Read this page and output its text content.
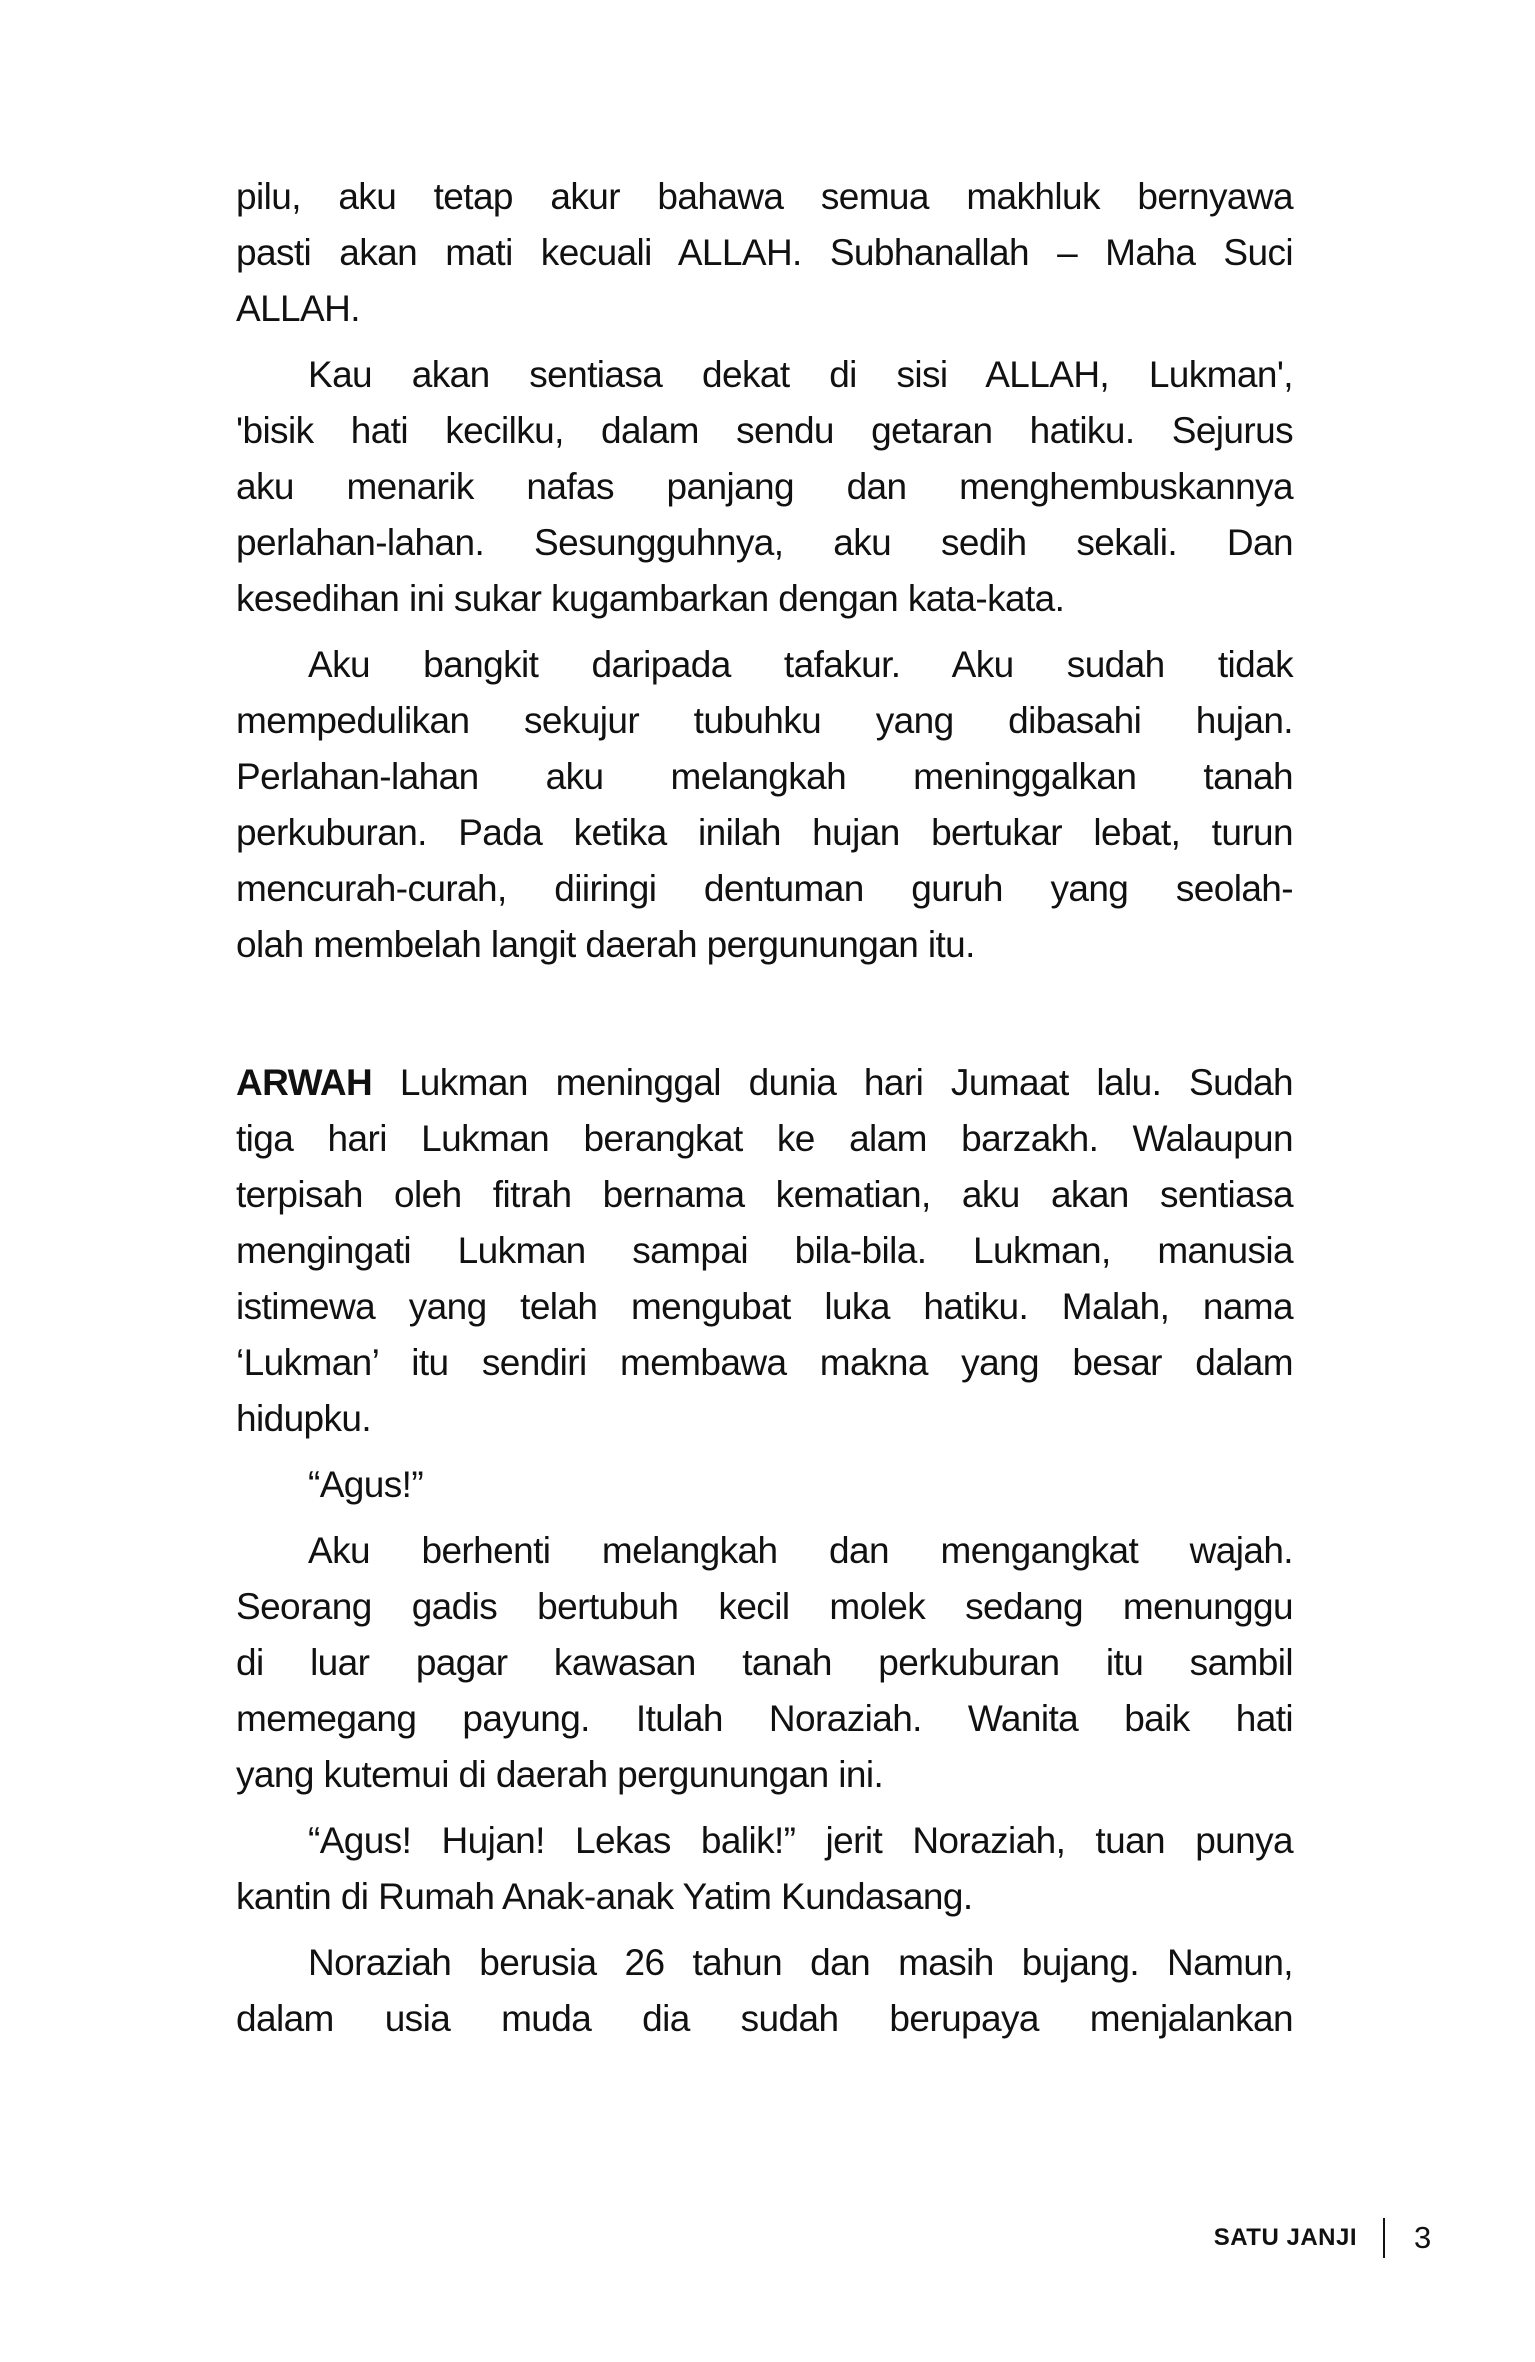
pilu, aku tetap akur bahawa semua makhluk bernyawa
pasti akan mati kecuali ALLAH. Subhanallah – Maha Suci
ALLAH.
Kau akan sentiasa dekat di sisi ALLAH, Lukman',
'bisik hati kecilku, dalam sendu getaran hatiku. Sejurus
aku menarik nafas panjang dan menghembuskannya
perlahan-lahan. Sesungguhnya, aku sedih sekali. Dan
kesedihan ini sukar kugambarkan dengan kata-kata.
Aku bangkit daripada tafakur. Aku sudah tidak
mempedulikan sekujur tubuhku yang dibasahi hujan.
Perlahan-lahan aku melangkah meninggalkan tanah
perkuburan. Pada ketika inilah hujan bertukar lebat, turun
mencurah-curah, diiringi dentuman guruh yang seolah-
olah membelah langit daerah pergunungan itu.
ARWAH Lukman meninggal dunia hari Jumaat lalu. Sudah
tiga hari Lukman berangkat ke alam barzakh. Walaupun
terpisah oleh fitrah bernama kematian, aku akan sentiasa
mengingati Lukman sampai bila-bila. Lukman, manusia
istimewa yang telah mengubat luka hatiku. Malah, nama
‘Lukman’ itu sendiri membawa makna yang besar dalam
hidupku.
“Agus!”
Aku berhenti melangkah dan mengangkat wajah.
Seorang gadis bertubuh kecil molek sedang menunggu
di luar pagar kawasan tanah perkuburan itu sambil
memegang payung. Itulah Noraziah. Wanita baik hati
yang kutemui di daerah pergunungan ini.
“Agus! Hujan! Lekas balik!” jerit Noraziah, tuan punya
kantin di Rumah Anak-anak Yatim Kundasang.
Noraziah berusia 26 tahun dan masih bujang. Namun,
dalam usia muda dia sudah berupaya menjalankan
SATU JANJI 3
